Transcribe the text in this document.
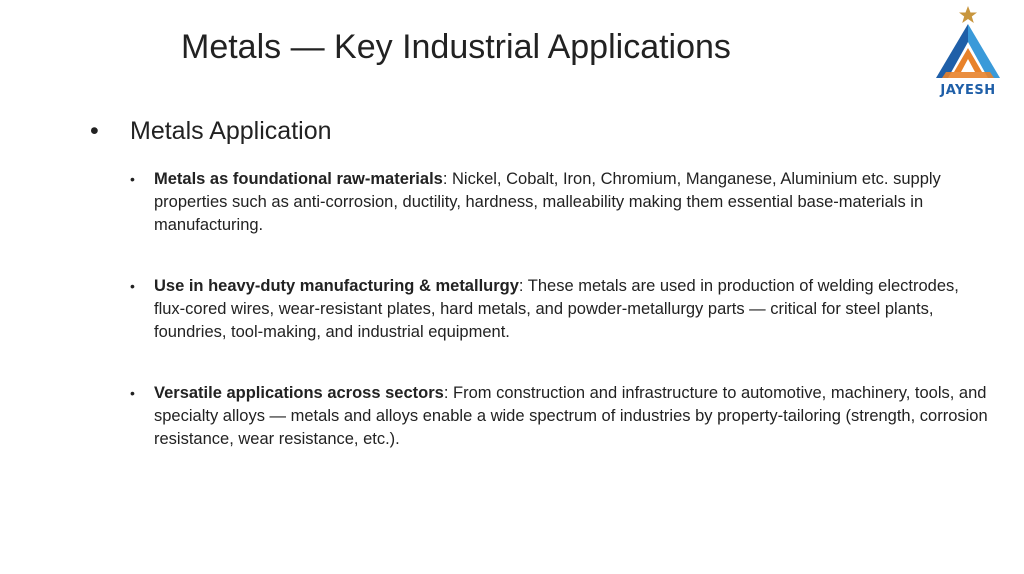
Metals — Key Industrial Applications
JAYESH
• Metals Application
• Metals as foundational raw-materials: Nickel, Cobalt, Iron, Chromium, Manganese, Aluminium etc. supply properties such as anti-corrosion, ductility, hardness, malleability making them essential base-materials in manufacturing.
• Use in heavy-duty manufacturing & metallurgy: These metals are used in production of welding electrodes, flux-cored wires, wear-resistant plates, hard metals, and powder-metallurgy parts — critical for steel plants, foundries, tool-making, and industrial equipment.
• Versatile applications across sectors: From construction and infrastructure to automotive, machinery, tools, and specialty alloys — metals and alloys enable a wide spectrum of industries by property-tailoring (strength, corrosion resistance, wear resistance, etc.).
